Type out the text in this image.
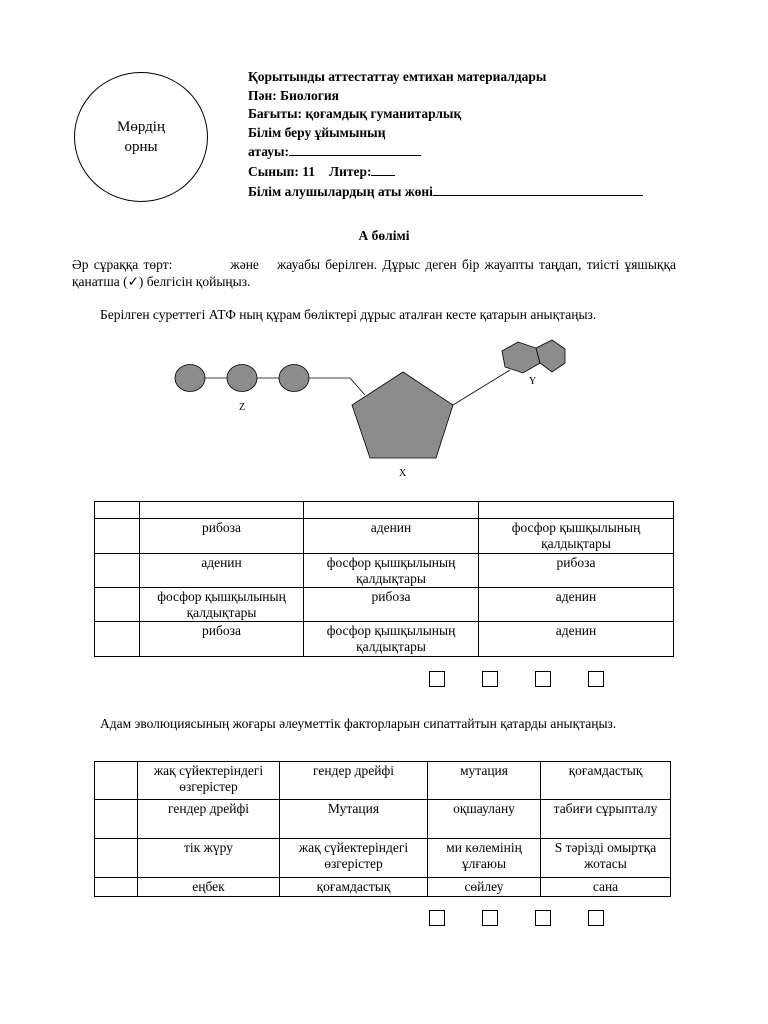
Мөрдің
орны
Қорытынды аттестаттау емтихан материалдары
Пән: Биология
Бағыты: қоғамдық гуманитарлық
Білім беру ұйымының
атауы:
Сынып: 11 Литер:
Білім алушылардың аты жөні
А бөлімі
Әр сұраққа төрт:	және жауабы берілген. Дұрыс деген бір жауапты таңдап, тиісті ұяшыққа қанатша (✓) белгісін қойыңыз.
Берілген суреттегі АТФ ның құрам бөліктері дұрыс аталған кесте қатарын анықтаңыз.
Z
X
Y

	рибоза	аденин	фосфор қышқылының қалдықтары
	аденин	фосфор қышқылының қалдықтары	рибоза
	фосфор қышқылының қалдықтары	рибоза	аденин
	рибоза	фосфор қышқылының қалдықтары	аденин
Адам эволюциясының жоғары әлеуметтік факторларын сипаттайтын қатарды анықтаңыз.
	жақ сүйектеріндегі өзгерістер	гендер дрейфі	мутация	қоғамдастық
	гендер дрейфі	Мутация	оқшаулану	табиғи сұрыпталу
	тік жүру	жақ сүйектеріндегі өзгерістер	ми көлемінің ұлғаюы	S тәрізді омыртқа жотасы
	еңбек	қоғамдастық	сөйлеу	сана
